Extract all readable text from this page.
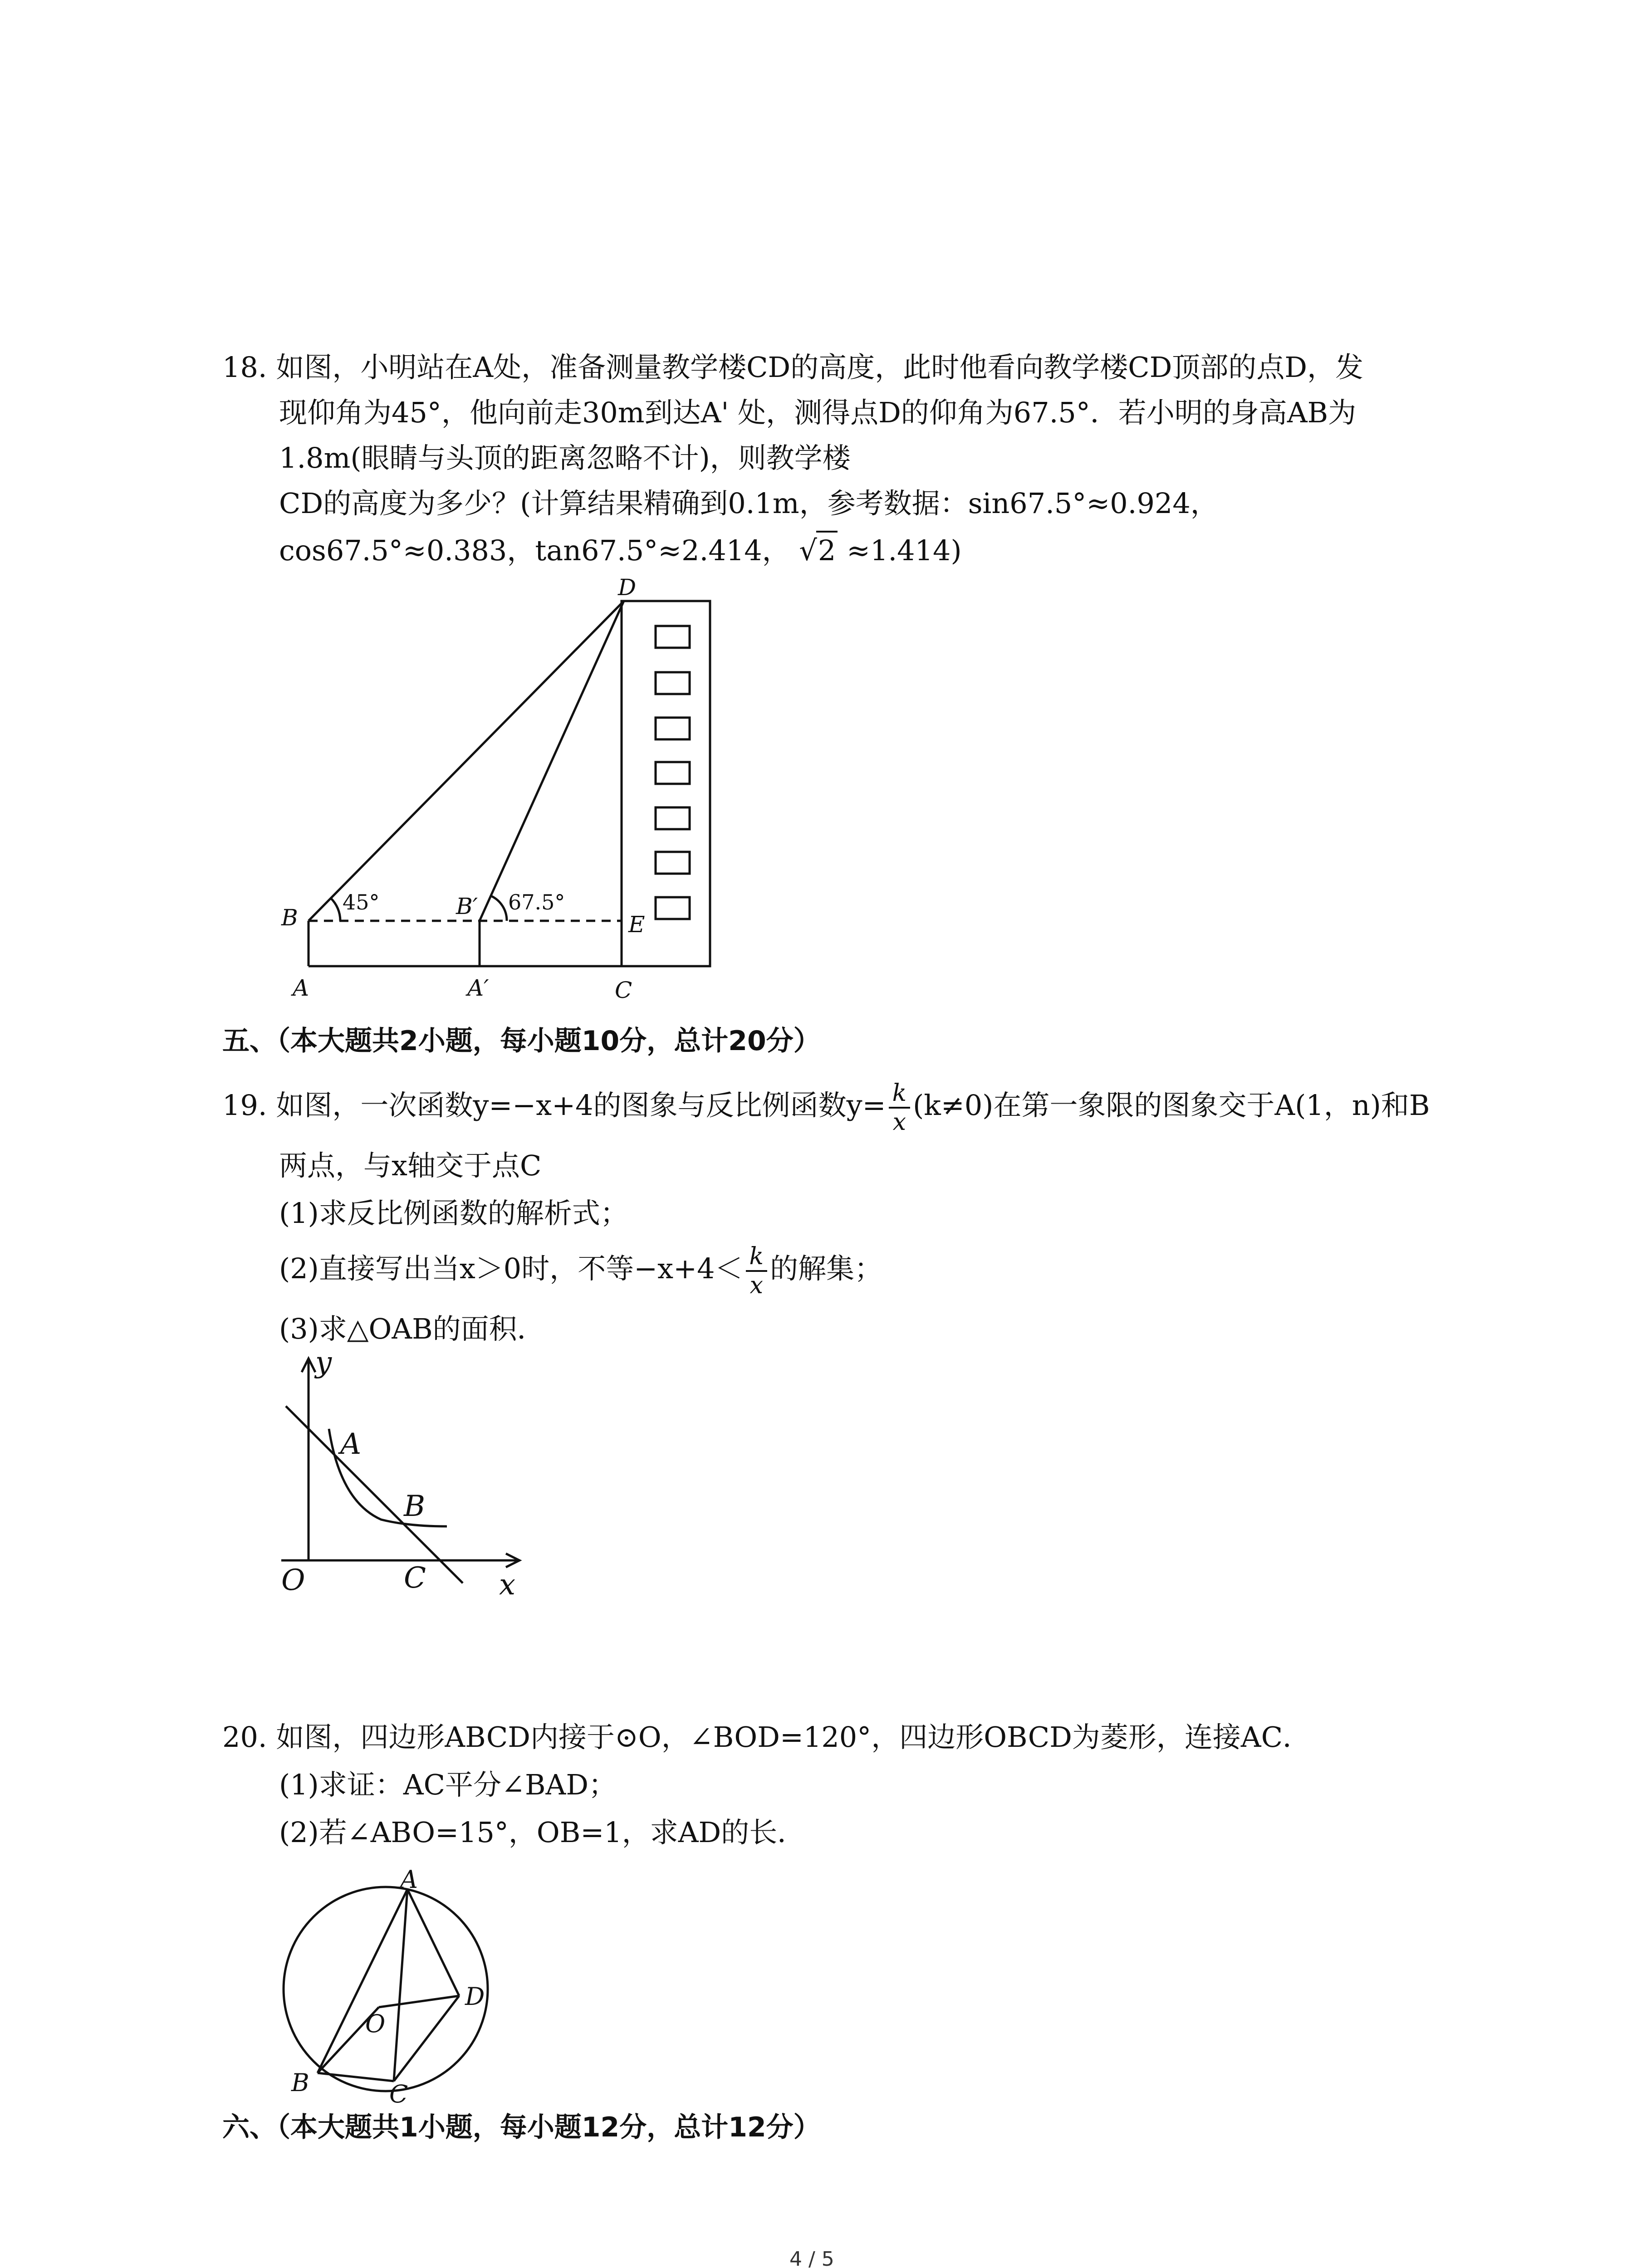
18. 如图，小明站在A处，准备测量教学楼CD的高度，此时他看向教学楼CD顶部的点D，发
现仰角为45°，他向前走30m到达A' 处，测得点D的仰角为67.5°．若小明的身高AB为
1.8m(眼睛与头顶的距离忽略不计)，则教学楼
CD的高度为多少？(计算结果精确到0.1m，参考数据：sin67.5°≈0.924，
cos67.5°≈0.383，tan67.5°≈2.414， √2 ≈1.414)
D
B
45°	B′ 67.5°
E
A	A′	C
五、（本大题共2小题，每小题10分，总计20分）
19. 如图，一次函数y=−x+4的图象与反比例函数$y= \frac{k}{x} (k\ne 0)$在第一象限的图象交于A(1，n)和B
两点，与x轴交于点C
(1)求反比例函数的解析式；
(2)直接写出当x＞0时，不等$-x+4< \frac{k}{x}$ 的解集；
(3)求△OAB的面积．
y
A
B
O	C	x
20. 如图，四边形ABCD内接于⊙O，∠BOD=120°，四边形OBCD为菱形，连接AC．
(1)求证：AC平分∠BAD；
(2)若∠ABO=15°，OB=1，求AD的长．
A
O
D
B	C
六、（本大题共1小题，每小题12分，总计12分）
4 / 5
